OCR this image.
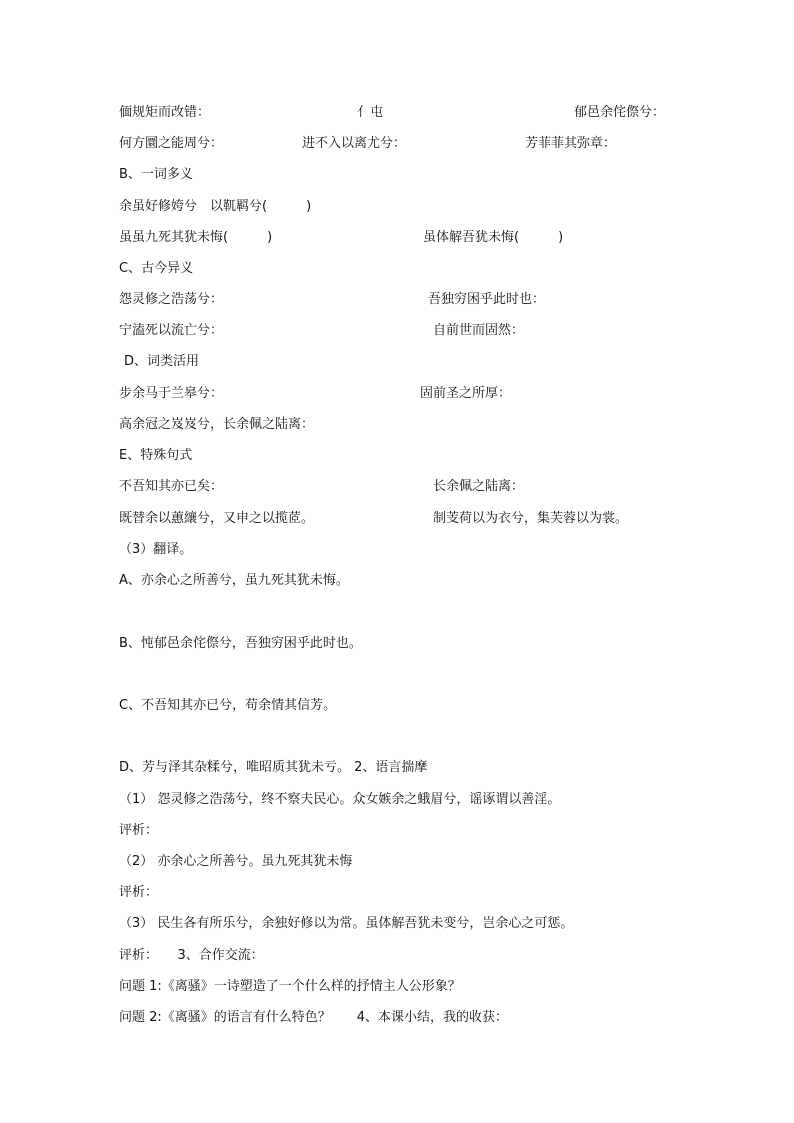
偭规矩而改错：	亻屯	郁邑余侘傺兮：
何方圜之能周兮：	进不入以离尤兮：	芳菲菲其弥章：
B、一词多义
余虽好修姱兮　以靰羁兮(　　　)
虽虽九死其犹未悔(　　　)	虽体解吾犹未悔(　　　)
C、古今异义
怨灵修之浩荡兮：	吾独穷困乎此时也：
宁溘死以流亡兮：	自前世而固然：
D、词类活用
步余马于兰皋兮：	固前圣之所厚：
高余冠之岌岌兮，长余佩之陆离：
E、特殊句式
不吾知其亦已矣：	长余佩之陆离：
既替余以蕙纕兮，又申之以揽茝。	制芰荷以为衣兮，集芙蓉以为裳。
（3）翻译。
A、亦余心之所善兮，虽九死其犹未悔。
B、忳郁邑余侘傺兮，吾独穷困乎此时也。
C、不吾知其亦已兮，苟余情其信芳。
D、芳与泽其杂糅兮，唯昭质其犹未亏。 2、语言揣摩
（1） 怨灵修之浩荡兮，终不察夫民心。众女嫉余之蛾眉兮，谣诼谓以善淫。
评析：
（2） 亦余心之所善兮。虽九死其犹未悔
评析：
（3） 民生各有所乐兮，余独好修以为常。虽体解吾犹未变兮，岂余心之可惩。
评析：　　3、合作交流：
问题 1:《离骚》一诗塑造了一个什么样的抒情主人公形象？
问题 2:《离骚》的语言有什么特色？　　4、本课小结，我的收获：
